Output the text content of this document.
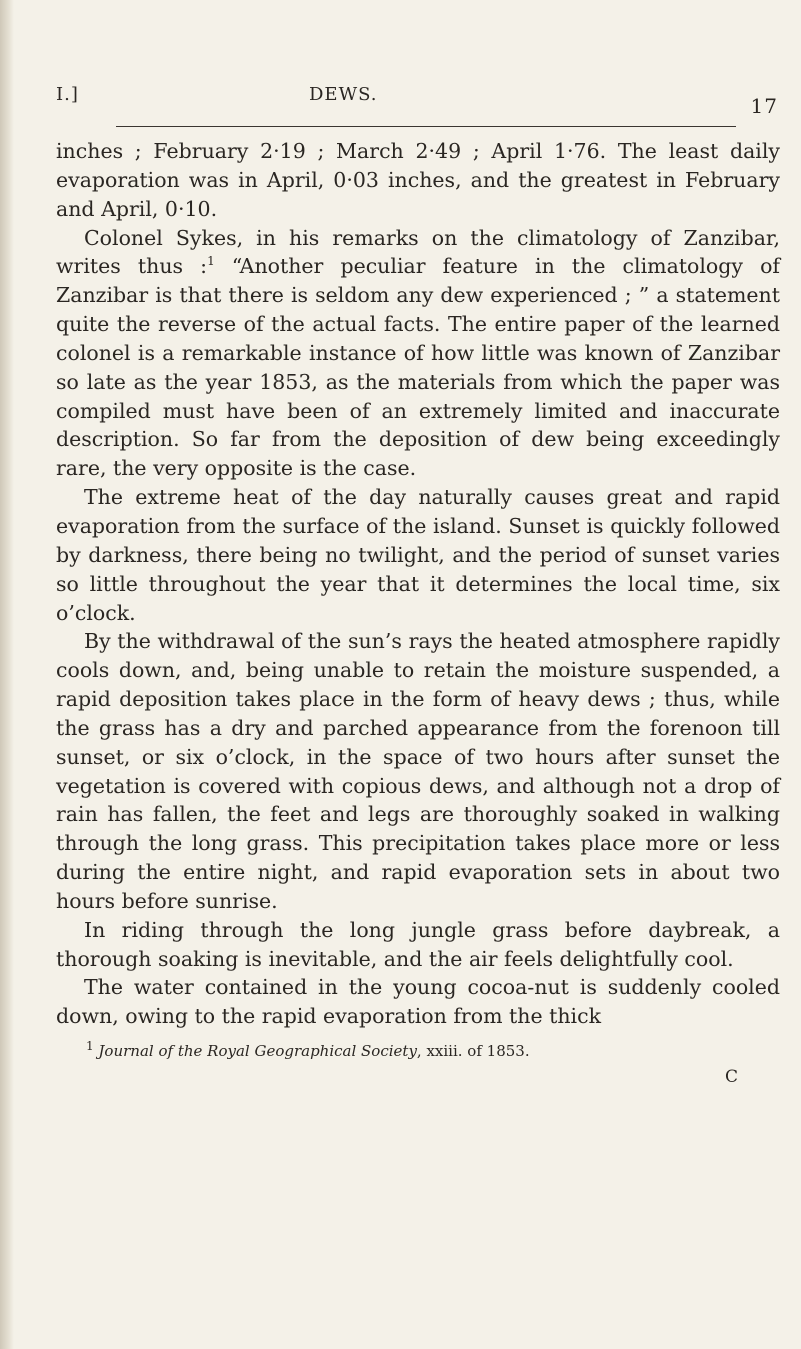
I.]	DEWS.	17

inches ; February 2·19 ; March 2·49 ; April 1·76. The least daily evaporation was in April, 0·03 inches, and the greatest in February and April, 0·10.

Colonel Sykes, in his remarks on the climatology of Zanzibar, writes thus :$^1$ “Another peculiar feature in the climatology of Zanzibar is that there is seldom any dew experienced ; ” a statement quite the reverse of the actual facts. The entire paper of the learned colonel is a remarkable instance of how little was known of Zanzibar so late as the year 1853, as the materials from which the paper was compiled must have been of an extremely limited and inaccurate description. So far from the deposition of dew being exceedingly rare, the very opposite is the case.

The extreme heat of the day naturally causes great and rapid evaporation from the surface of the island. Sunset is quickly followed by darkness, there being no twilight, and the period of sunset varies so little throughout the year that it determines the local time, six o’clock.

By the withdrawal of the sun’s rays the heated atmosphere rapidly cools down, and, being unable to retain the moisture suspended, a rapid deposition takes place in the form of heavy dews ; thus, while the grass has a dry and parched appearance from the forenoon till sunset, or six o’clock, in the space of two hours after sunset the vegetation is covered with copious dews, and although not a drop of rain has fallen, the feet and legs are thoroughly soaked in walking through the long grass. This precipitation takes place more or less during the entire night, and rapid evaporation sets in about two hours before sunrise.

In riding through the long jungle grass before daybreak, a thorough soaking is inevitable, and the air feels delightfully cool.

The water contained in the young cocoa-nut is suddenly cooled down, owing to the rapid evaporation from the thick

$^1$ Journal of the Royal Geographical Society, xxiii. of 1853.
C
